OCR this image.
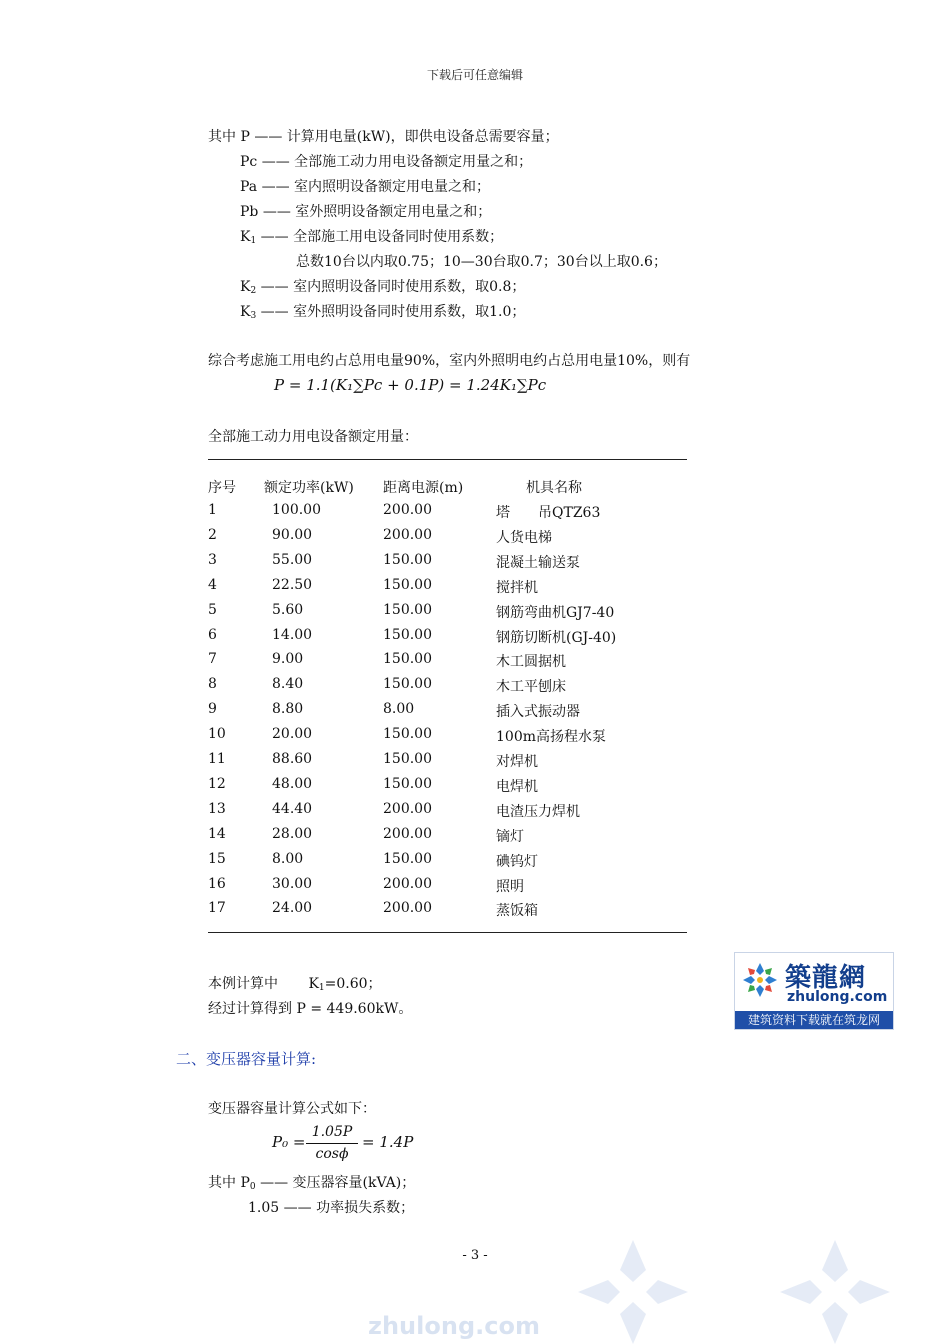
下载后可任意编辑
其中 P —— 计算用电量(kW)，即供电设备总需要容量；
Pc —— 全部施工动力用电设备额定用量之和；
Pa —— 室内照明设备额定用电量之和；
Pb —— 室外照明设备额定用电量之和；
$K_1$ —— 全部施工用电设备同时使用系数；
总数10台以内取0.75；10—30台取0.7；30台以上取0.6；
$K_2$ —— 室内照明设备同时使用系数，取0.8；
$K_3$ —— 室外照明设备同时使用系数，取1.0；
综合考虑施工用电约占总用电量90%，室内外照明电约占总用电量10%，则有
P = 1.1(K₁∑Pc + 0.1P) = 1.24K₁∑Pc
全部施工动力用电设备额定用量：
序号 额定功率(kW) 距离电源(m)	机具名称
1	100.00	200.00	塔　　吊QTZ63
2	90.00	200.00	人货电梯
3	55.00	150.00	混凝土输送泵
4	22.50	150.00	搅拌机
5	5.60	150.00	钢筋弯曲机GJ7-40
6	14.00	150.00	钢筋切断机(GJ-40)
7	9.00	150.00	木工圆据机
8	8.40	150.00	木工平刨床
9	8.80	8.00	插入式振动器
10	20.00	150.00	100m高扬程水泵
11	88.60	150.00	对焊机
12	48.00	150.00	电焊机
13	44.40	200.00	电渣压力焊机
14	28.00	200.00	镝灯
15	8.00	150.00	碘钨灯
16	30.00	200.00	照明
17	24.00	200.00	蒸饭箱
本例计算中 $K_1=0.60$；
经过计算得到 P = 449.60kW。
築龍網
zhulong.com
建筑资料下载就在筑龙网
二、变压器容量计算:
变压器容量计算公式如下：
P₀ =
1.05P
cosϕ
= 1.4P
其中 $P_0$ —— 变压器容量(kVA)；
1.05 —— 功率损失系数；
- 3 -
zhulong.com
